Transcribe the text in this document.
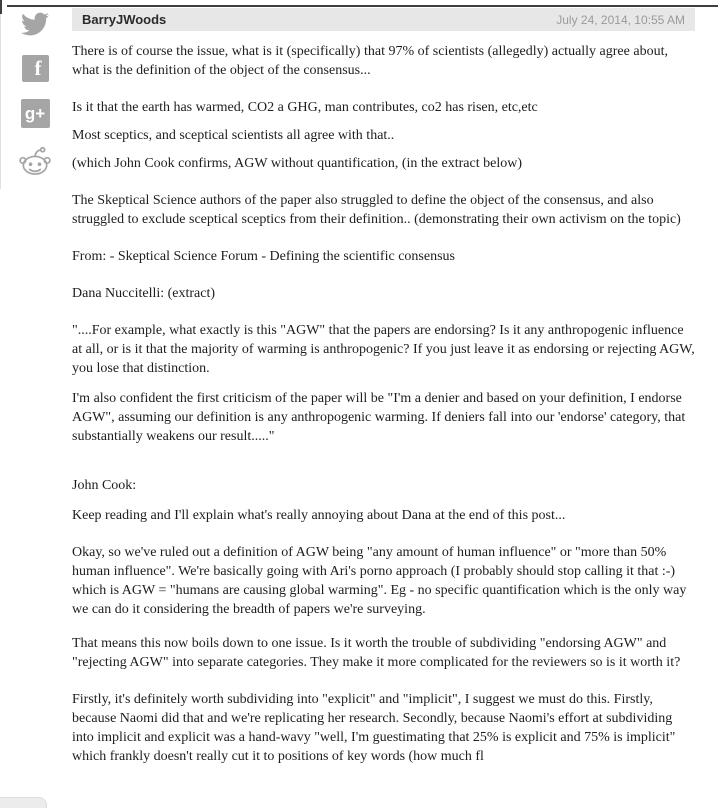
f
g+
BarryJWoods	July 24, 2014, 10:55 AM

There is of course the issue, what is it (specifically) that 97% of scientists (allegedly) actually agree about, what is the definition of the object of the consensus...

Is it that the earth has warmed, CO2 a GHG, man contributes, co2 has risen, etc,etc

Most sceptics, and sceptical scientists all agree with that..

(which John Cook confirms, AGW without quantification, (in the extract below)

The Skeptical Science authors of the paper also struggled to define the object of the consensus, and also struggled to exclude sceptical sceptics from their definition.. (demonstrating their own activism on the topic)

From: - Skeptical Science Forum - Defining the scientific consensus

Dana Nuccitelli: (extract)

"....For example, what exactly is this "AGW" that the papers are endorsing? Is it any anthropogenic influence at all, or is it that the majority of warming is anthropogenic? If you just leave it as endorsing or rejecting AGW, you lose that distinction.

I'm also confident the first criticism of the paper will be "I'm a denier and based on your definition, I endorse AGW", assuming our definition is any anthropogenic warming. If deniers fall into our 'endorse' category, that substantially weakens our result....."

John Cook:

Keep reading and I'll explain what's really annoying about Dana at the end of this post...

Okay, so we've ruled out a definition of AGW being "any amount of human influence" or "more than 50% human influence". We're basically going with Ari's porno approach (I probably should stop calling it that :-) which is AGW = "humans are causing global warming". Eg - no specific quantification which is the only way we can do it considering the breadth of papers we're surveying.

That means this now boils down to one issue. Is it worth the trouble of subdividing "endorsing AGW" and "rejecting AGW" into separate categories. They make it more complicated for the reviewers so is it worth it?

Firstly, it's definitely worth subdividing into "explicit" and "implicit", I suggest we must do this. Firstly, because Naomi did that and we're replicating her research. Secondly, because Naomi's effort at subdividing into implicit and explicit was a hand-wavy "well, I'm guestimating that 25% is explicit and 75% is implicit" which frankly doesn't really cut it to positions of key words (how much fl
